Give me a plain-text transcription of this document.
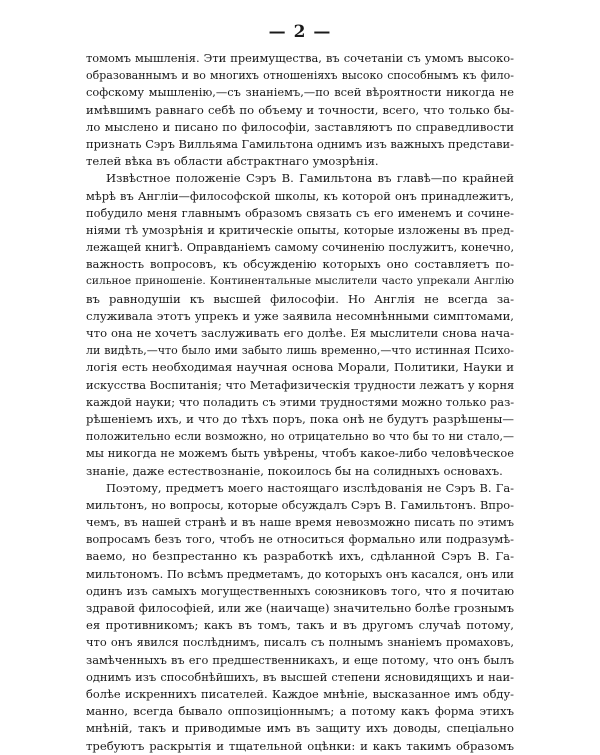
— 2 —
томомъ мышленія. Эти преимущества, въ сочетаніи съ умомъ высоко-
образованнымъ и во многихъ отношеніяхъ высоко способнымъ къ фило-
софскому мышленію,—съ знаніемъ,—по всей вѣроятности никогда не
имѣвшимъ равнаго себѣ по объему и точности, всего, что только бы-
ло мыслено и писано по философіи, заставляютъ по справедливости
признать Сэръ Вилльяма Гамильтона однимъ изъ важныхъ представи-
телей вѣка въ области абстрактнаго умозрѣнія.
Извѣстное положеніе Сэръ В. Гамильтона въ главѣ—по крайней
мѣрѣ въ Англіи—философской школы, къ которой онъ принадлежитъ,
побудило меня главнымъ образомъ связать съ его именемъ и сочине-
ніями тѣ умозрѣнія и критическіе опыты, которые изложены въ пред-
лежащей книгѣ. Оправданіемъ самому сочиненію послужитъ, конечно,
важность вопросовъ, къ обсужденію которыхъ оно составляетъ по-
сильное приношеніе. Континентальные мыслители часто упрекали Англію
въ равнодушіи къ высшей философіи. Но Англія не всегда за-
служивала этотъ упрекъ и уже заявила несомнѣнными симптомами,
что она не хочетъ заслуживать его долѣе. Ея мыслители снова нача-
ли видѣть,—что было ими забыто лишь временно,—что истинная Психо-
логія есть необходимая научная основа Морали, Политики, Науки и
искусства Воспитанія; что Метафизическія трудности лежатъ у корня
каждой науки; что поладить съ этими трудностями можно только раз-
рѣшеніемъ ихъ, и что до тѣхъ поръ, пока онѣ не будутъ разрѣшены—
положительно если возможно, но отрицательно во что бы то ни стало,—
мы никогда не можемъ быть увѣрены, чтобъ какое-либо человѣческое
знаніе, даже естествознаніе, покоилось бы на солидныхъ основахъ.
Поэтому, предметъ моего настоящаго изслѣдованія не Сэръ В. Га-
мильтонъ, но вопросы, которые обсуждалъ Сэръ В. Гамильтонъ. Впро-
чемъ, въ нашей странѣ и въ наше время невозможно писать по этимъ
вопросамъ безъ того, чтобъ не относиться формально или подразумѣ-
ваемо, но безпрестанно къ разработкѣ ихъ, сдѣланной Сэръ В. Га-
мильтономъ. По всѣмъ предметамъ, до которыхъ онъ касался, онъ или
одинъ изъ самыхъ могущественныхъ союзниковъ того, что я почитаю
здравой философіей, или же (наичаще) значительно болѣе грознымъ
ея противникомъ; какъ въ томъ, такъ и въ другомъ случаѣ потому,
что онъ явился послѣднимъ, писалъ съ полнымъ знаніемъ промаховъ,
замѣченныхъ въ его предшественникахъ, и еще потому, что онъ былъ
однимъ изъ способнѣйшихъ, въ высшей степени ясновидящихъ и наи-
болѣе искреннихъ писателей. Каждое мнѣніе, высказанное имъ обду-
манно, всегда бывало оппозиціоннымъ; а потому какъ форма этихъ
мнѣній, такъ и приводимые имъ въ защиту ихъ доводы, спеціально
требуютъ раскрытія и тщательной оцѣнки: и какъ такимъ образомъ
